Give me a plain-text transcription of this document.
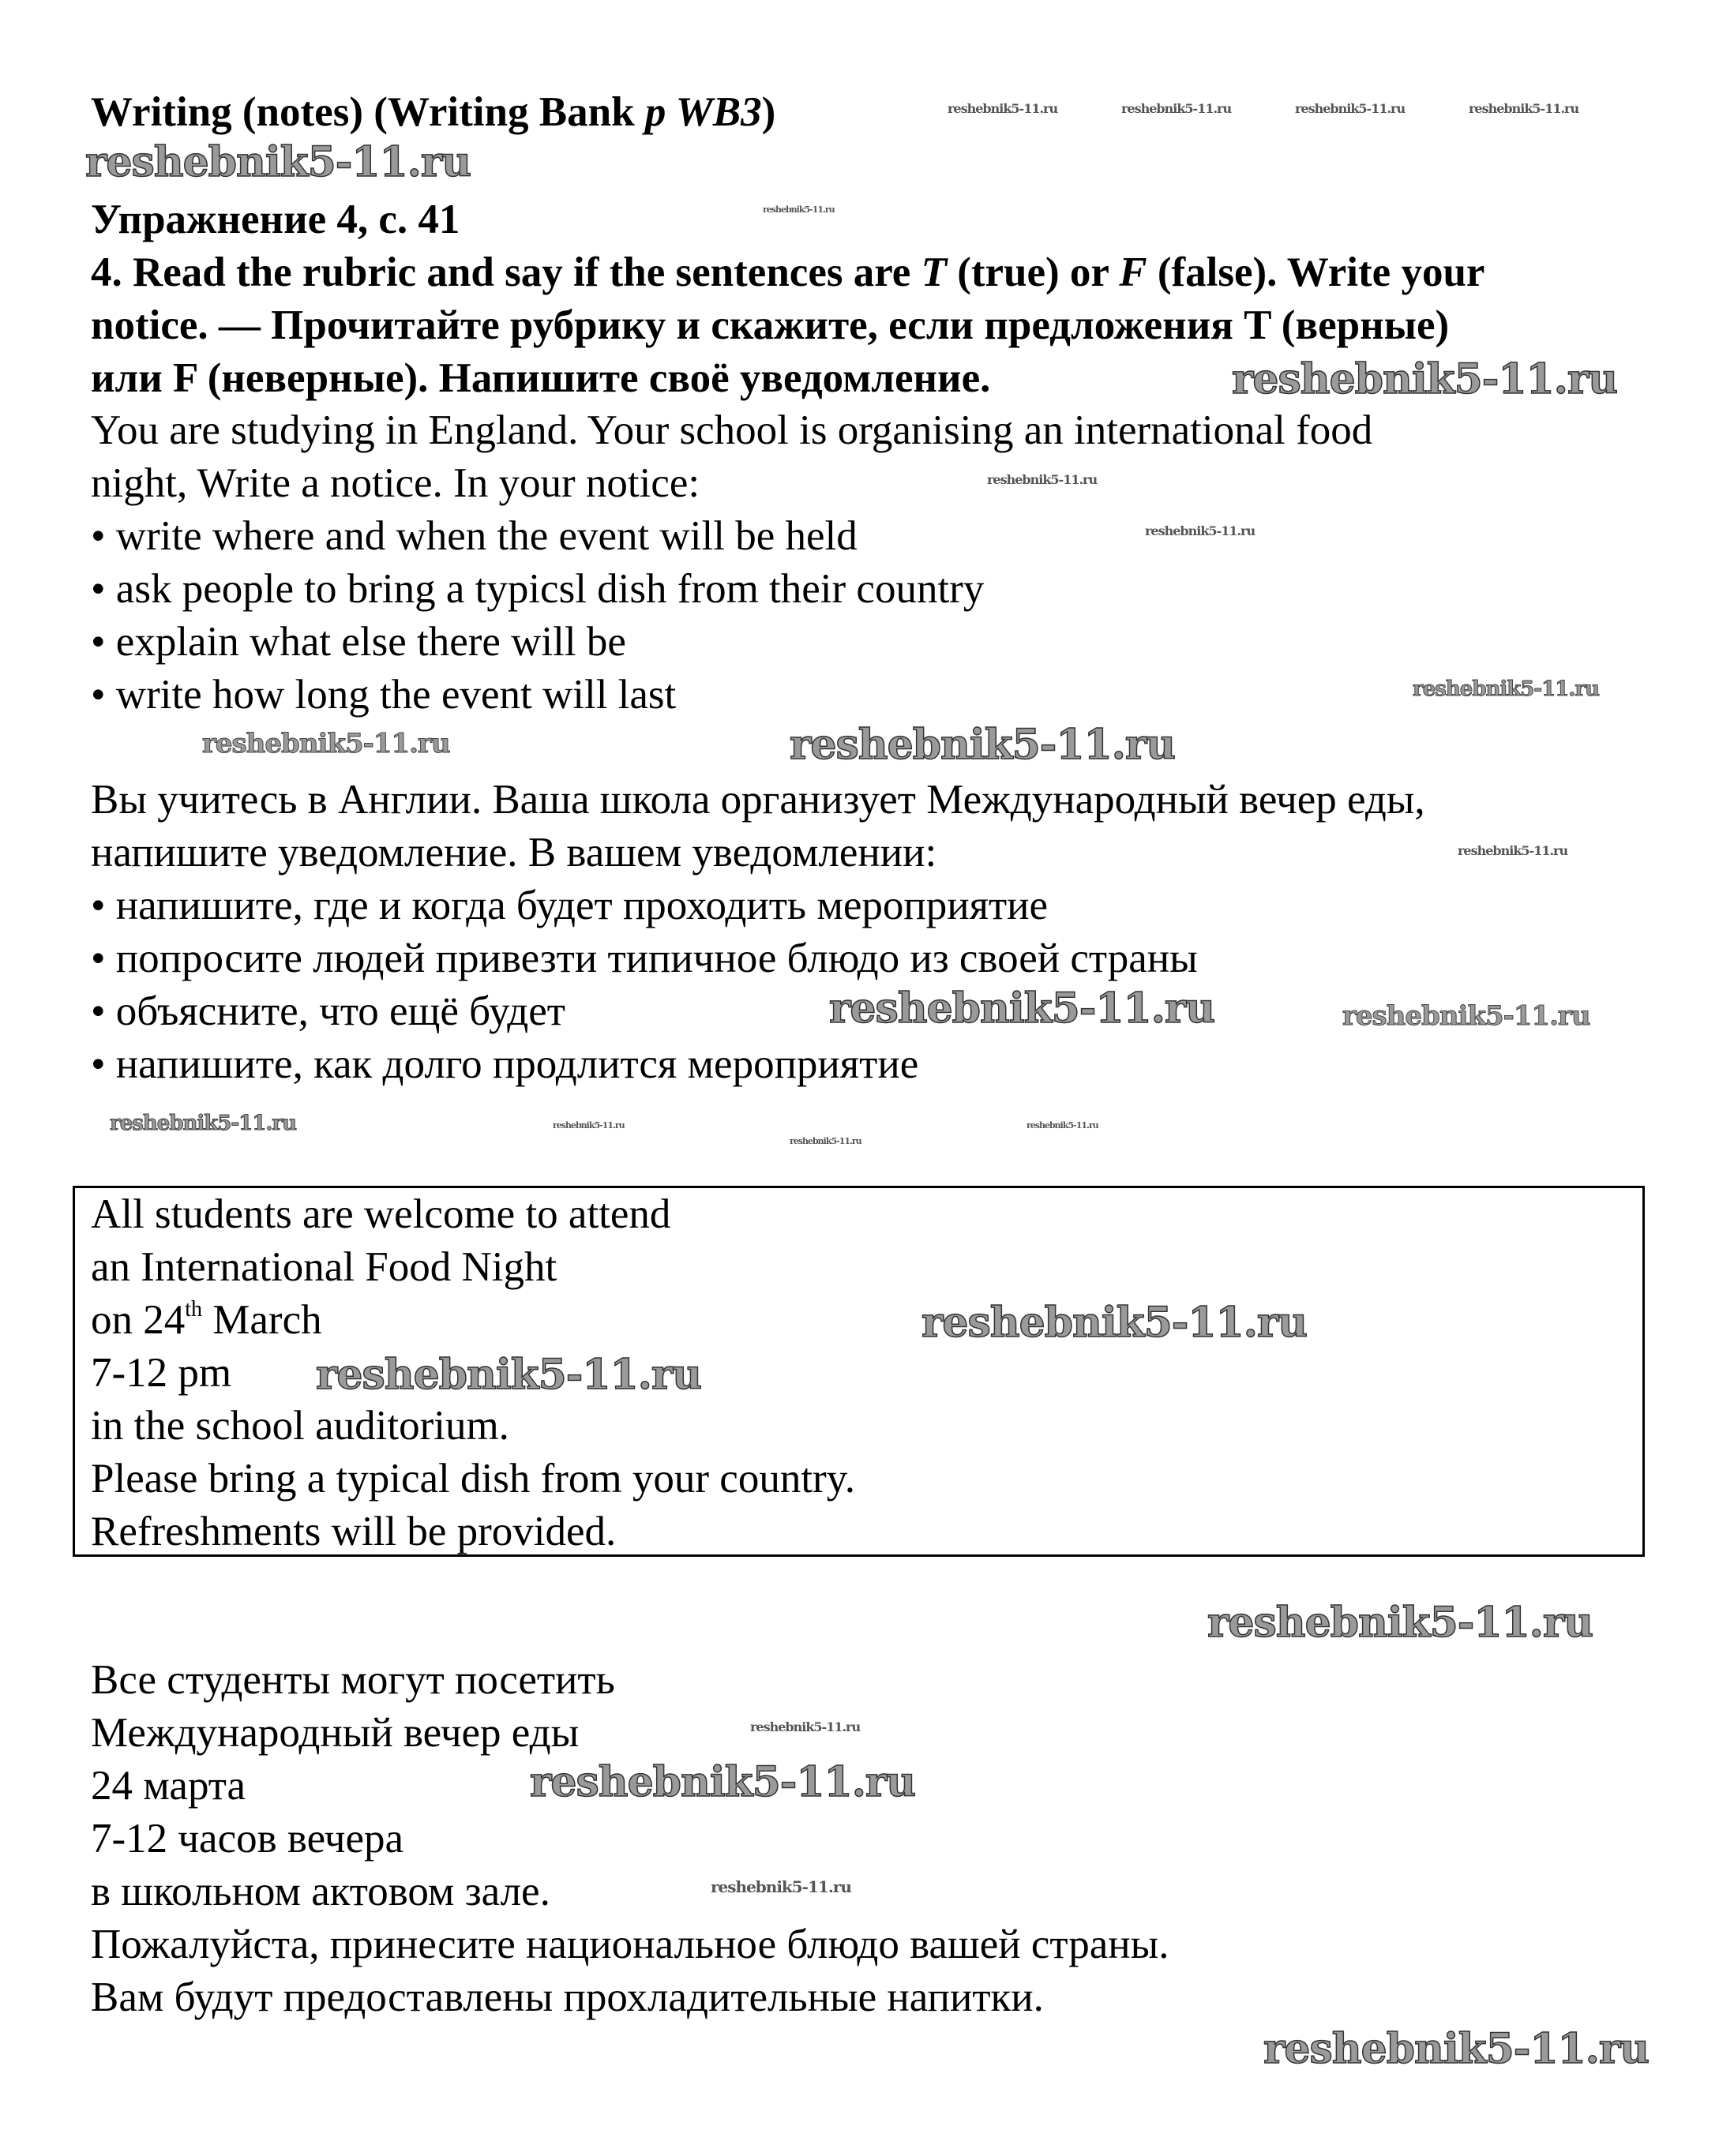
Writing (notes) (Writing Bank p WB3)
Упражнение 4, с. 41
4. Read the rubric and say if the sentences are T (true) or F (false). Write your
notice. — Прочитайте рубрику и скажите, если предложения T (верные)
или F (неверные). Напишите своё уведомление.
You are studying in England. Your school is organising an international food
night, Write a notice. In your notice:
• write where and when the event will be held
• ask people to bring a typicsl dish from their country
• explain what else there will be
• write how long the event will last
Вы учитесь в Англии. Ваша школа организует Международный вечер еды,
напишите уведомление. В вашем уведомлении:
• напишите, где и когда будет проходить мероприятие
• попросите людей привезти типичное блюдо из своей страны
• объясните, что ещё будет
• напишите, как долго продлится мероприятие
All students are welcome to attend
an International Food Night
on 24th March
7-12 pm
in the school auditorium.
Please bring a typical dish from your country.
Refreshments will be provided.
Все студенты могут посетить
Международный вечер еды
24 марта
7-12 часов вечера
в школьном актовом зале.
Пожалуйста, принесите национальное блюдо вашей страны.
Вам будут предоставлены прохладительные напитки.
reshebnik5-11.ru
reshebnik5-11.ru
reshebnik5-11.ru
reshebnik5-11.ru
reshebnik5-11.ru
reshebnik5-11.ru
reshebnik5-11.ru
reshebnik5-11.ru
reshebnik5-11.ru
reshebnik5-11.ru
reshebnik5-11.ru
reshebnik5-11.ru
reshebnik5-11.ru
reshebnik5-11.ru	reshebnik5-11.ru	reshebnik5-11.ru	reshebnik5-11.ru
reshebnik5-11.ru
reshebnik5-11.ru
reshebnik5-11.ru
reshebnik5-11.ru
reshebnik5-11.ru
reshebnik5-11.ru
reshebnik5-11.ru
reshebnik5-11.ru
reshebnik5-11.ru
